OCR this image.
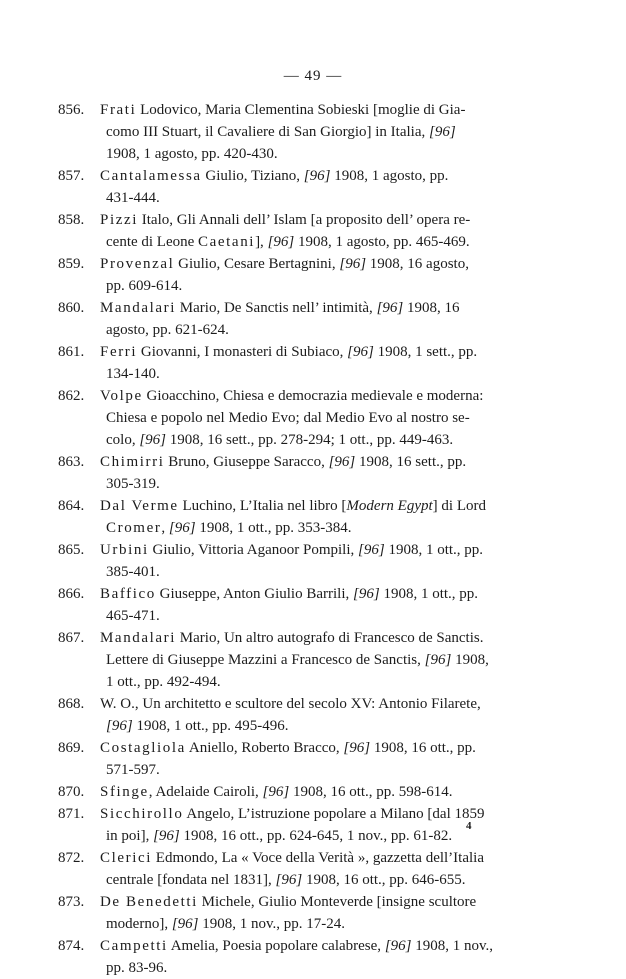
— 49 —
856.	Frati Lodovico, Maria Clementina Sobieski [moglie di Gia-
como III Stuart, il Cavaliere di San Giorgio] in Italia, [96]
1908, 1 agosto, pp. 420-430.
857.	Cantalamessa Giulio, Tiziano, [96] 1908, 1 agosto, pp.
431-444.
858.	Pizzi Italo, Gli Annali dell’ Islam [a proposito dell’ opera re-
cente di Leone Caetani], [96] 1908, 1 agosto, pp. 465-469.
859.	Provenzal Giulio, Cesare Bertagnini, [96] 1908, 16 agosto,
pp. 609-614.
860.	Mandalari Mario, De Sanctis nell’ intimità, [96] 1908, 16
agosto, pp. 621-624.
861.	Ferri Giovanni, I monasteri di Subiaco, [96] 1908, 1 sett., pp.
134-140.
862.	Volpe Gioacchino, Chiesa e democrazia medievale e moderna:
Chiesa e popolo nel Medio Evo; dal Medio Evo al nostro se-
colo, [96] 1908, 16 sett., pp. 278-294; 1 ott., pp. 449-463.
863.	Chimirri Bruno, Giuseppe Saracco, [96] 1908, 16 sett., pp.
305-319.
864.	Dal Verme Luchino, L’Italia nel libro [Modern Egypt] di Lord
Cromer, [96] 1908, 1 ott., pp. 353-384.
865.	Urbini Giulio, Vittoria Aganoor Pompili, [96] 1908, 1 ott., pp.
385-401.
866.	Baffico Giuseppe, Anton Giulio Barrili, [96] 1908, 1 ott., pp.
465-471.
867.	Mandalari Mario, Un altro autografo di Francesco de Sanctis.
Lettere di Giuseppe Mazzini a Francesco de Sanctis, [96] 1908,
1 ott., pp. 492-494.
868.	W. O., Un architetto e scultore del secolo XV: Antonio Filarete,
[96] 1908, 1 ott., pp. 495-496.
869.	Costagliola Aniello, Roberto Bracco, [96] 1908, 16 ott., pp.
571-597.
870.	Sfinge, Adelaide Cairoli, [96] 1908, 16 ott., pp. 598-614.
871.	Sicchirollo Angelo, L’istruzione popolare a Milano [dal 1859
in poi], [96] 1908, 16 ott., pp. 624-645, 1 nov., pp. 61-82.
872.	Clerici Edmondo, La « Voce della Verità », gazzetta dell’Italia
centrale [fondata nel 1831], [96] 1908, 16 ott., pp. 646-655.
873.	De Benedetti Michele, Giulio Monteverde [insigne scultore
moderno], [96] 1908, 1 nov., pp. 17-24.
874.	Campetti Amelia, Poesia popolare calabrese, [96] 1908, 1 nov.,
pp. 83-96.
4
